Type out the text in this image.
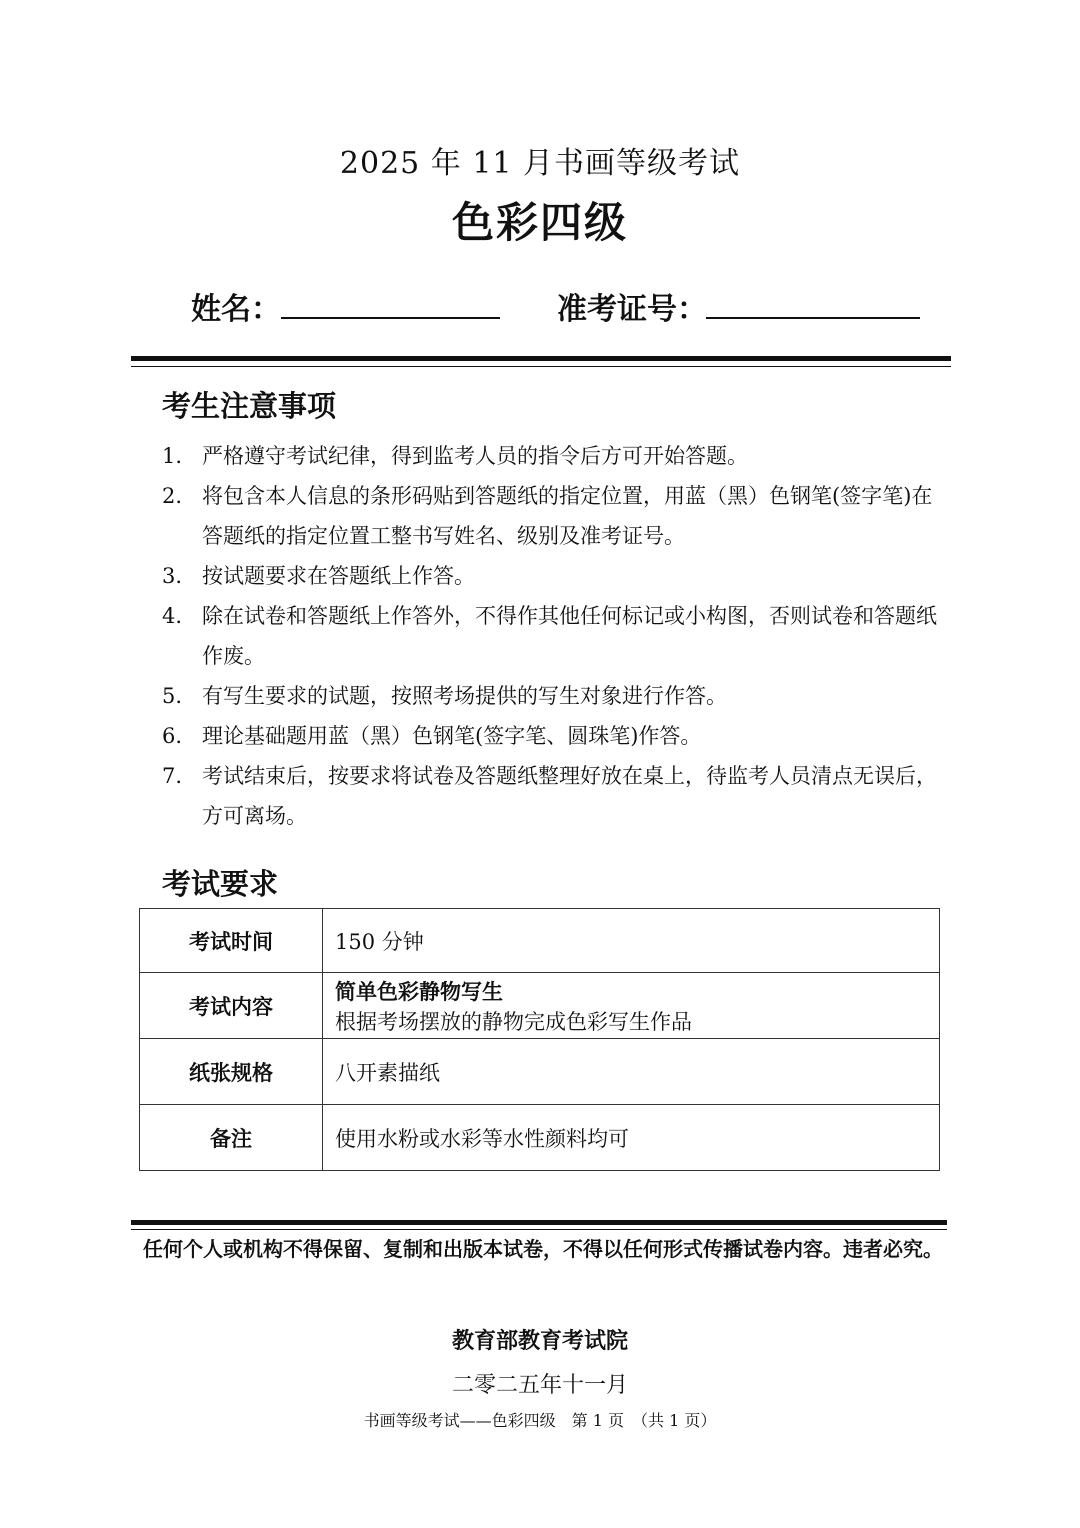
2025 年 11 月书画等级考试
色彩四级
姓名：	准考证号：
考生注意事项
1. 严格遵守考试纪律，得到监考人员的指令后方可开始答题。
2. 将包含本人信息的条形码贴到答题纸的指定位置，用蓝（黑）色钢笔(签字笔)在答题纸的指定位置工整书写姓名、级别及准考证号。
3. 按试题要求在答题纸上作答。
4. 除在试卷和答题纸上作答外，不得作其他任何标记或小构图，否则试卷和答题纸作废。
5. 有写生要求的试题，按照考场提供的写生对象进行作答。
6. 理论基础题用蓝（黑）色钢笔(签字笔、圆珠笔)作答。
7. 考试结束后，按要求将试卷及答题纸整理好放在桌上，待监考人员清点无误后，方可离场。
考试要求
考试时间	150 分钟
考试内容	简单色彩静物写生
根据考场摆放的静物完成色彩写生作品
纸张规格	八开素描纸
备注	使用水粉或水彩等水性颜料均可
任何个人或机构不得保留、复制和出版本试卷，不得以任何形式传播试卷内容。违者必究。
教育部教育考试院
二零二五年十一月
书画等级考试——色彩四级　第 1 页　（共 1 页）
